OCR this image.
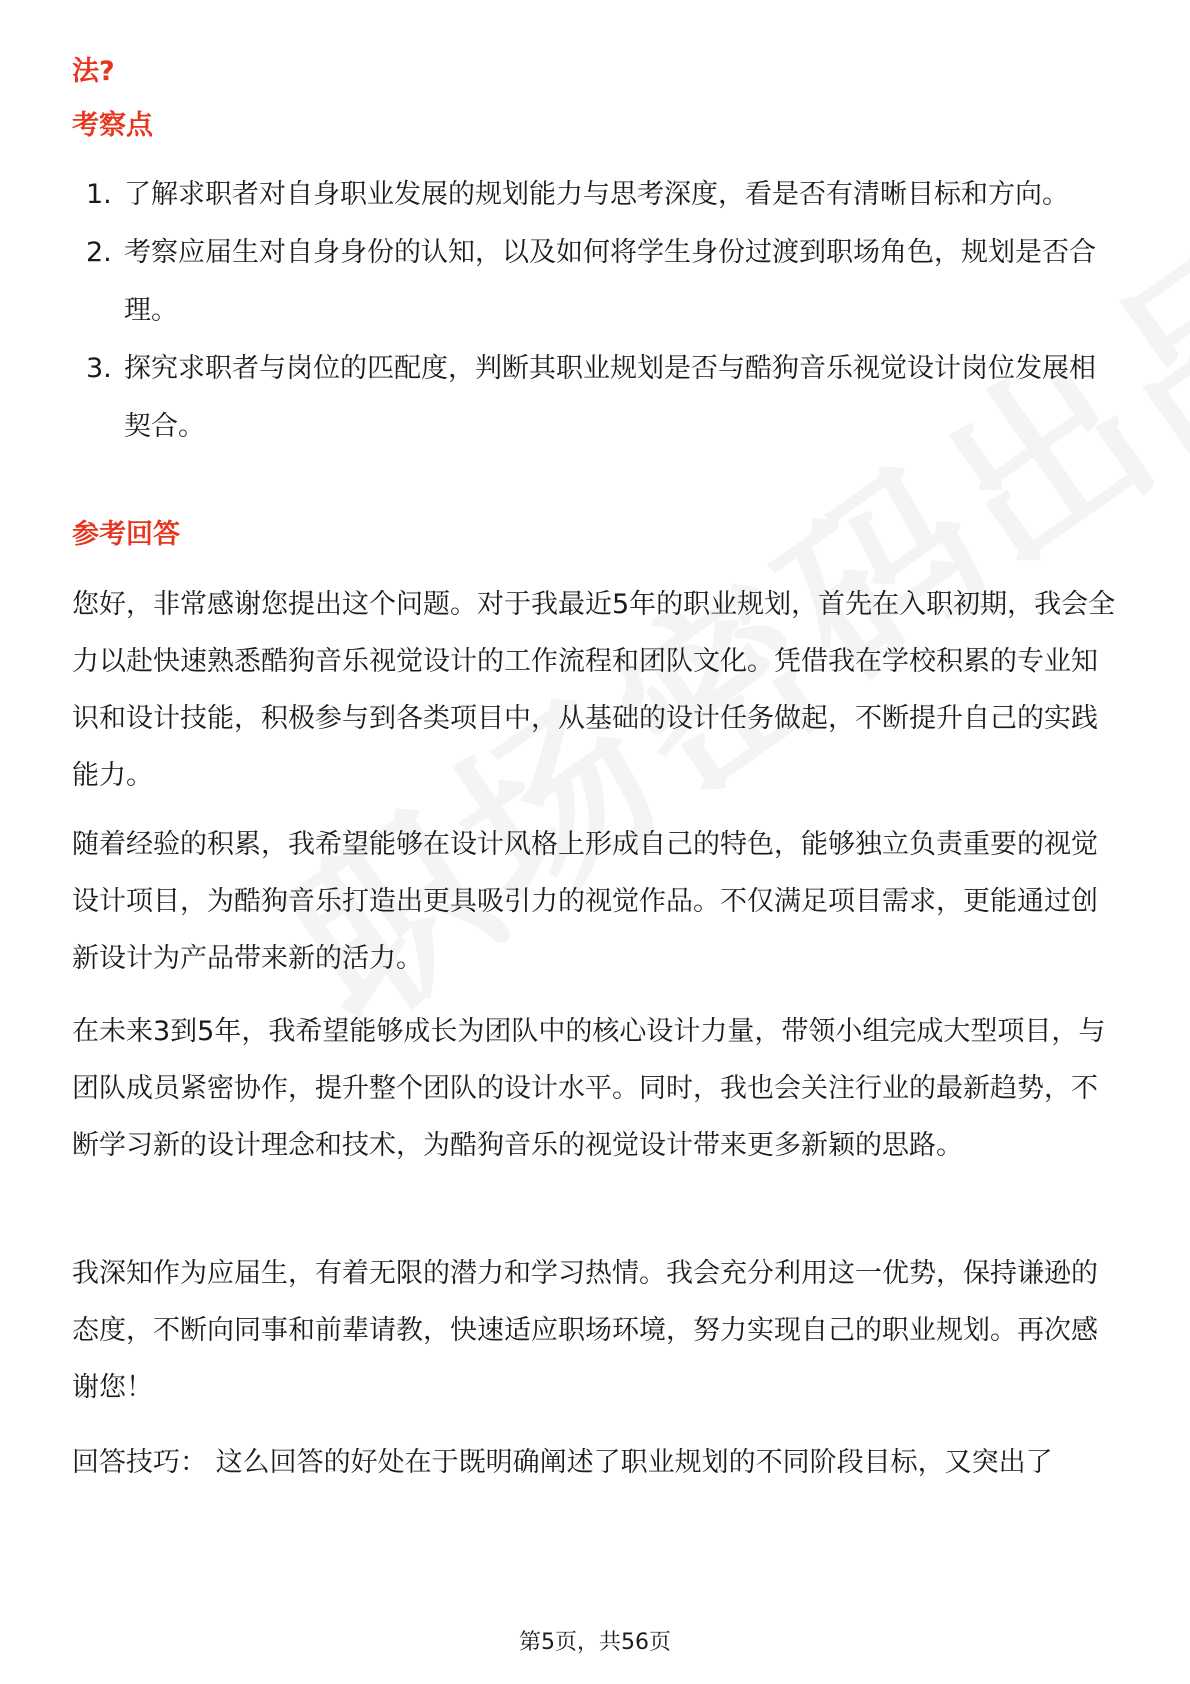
法?
考察点
1. 了解求职者对自身职业发展的规划能力与思考深度，看是否有清晰目标和方向。
2. 考察应届生对自身身份的认知，以及如何将学生身份过渡到职场角色，规划是否合理。
3. 探究求职者与岗位的匹配度，判断其职业规划是否与酷狗音乐视觉设计岗位发展相契合。
参考回答

您好，非常感谢您提出这个问题。对于我最近5年的职业规划，首先在入职初期，我会全力以赴快速熟悉酷狗音乐视觉设计的工作流程和团队文化。凭借我在学校积累的专业知识和设计技能，积极参与到各类项目中，从基础的设计任务做起，不断提升自己的实践能力。

随着经验的积累，我希望能够在设计风格上形成自己的特色，能够独立负责重要的视觉设计项目，为酷狗音乐打造出更具吸引力的视觉作品。不仅满足项目需求，更能通过创新设计为产品带来新的活力。

在未来3到5年，我希望能够成长为团队中的核心设计力量，带领小组完成大型项目，与团队成员紧密协作，提升整个团队的设计水平。同时，我也会关注行业的最新趋势，不断学习新的设计理念和技术，为酷狗音乐的视觉设计带来更多新颖的思路。

我深知作为应届生，有着无限的潜力和学习热情。我会充分利用这一优势，保持谦逊的态度，不断向同事和前辈请教，快速适应职场环境，努力实现自己的职业规划。再次感谢您！

回答技巧： 这么回答的好处在于既明确阐述了职业规划的不同阶段目标，又突出了

第5页，共56页
